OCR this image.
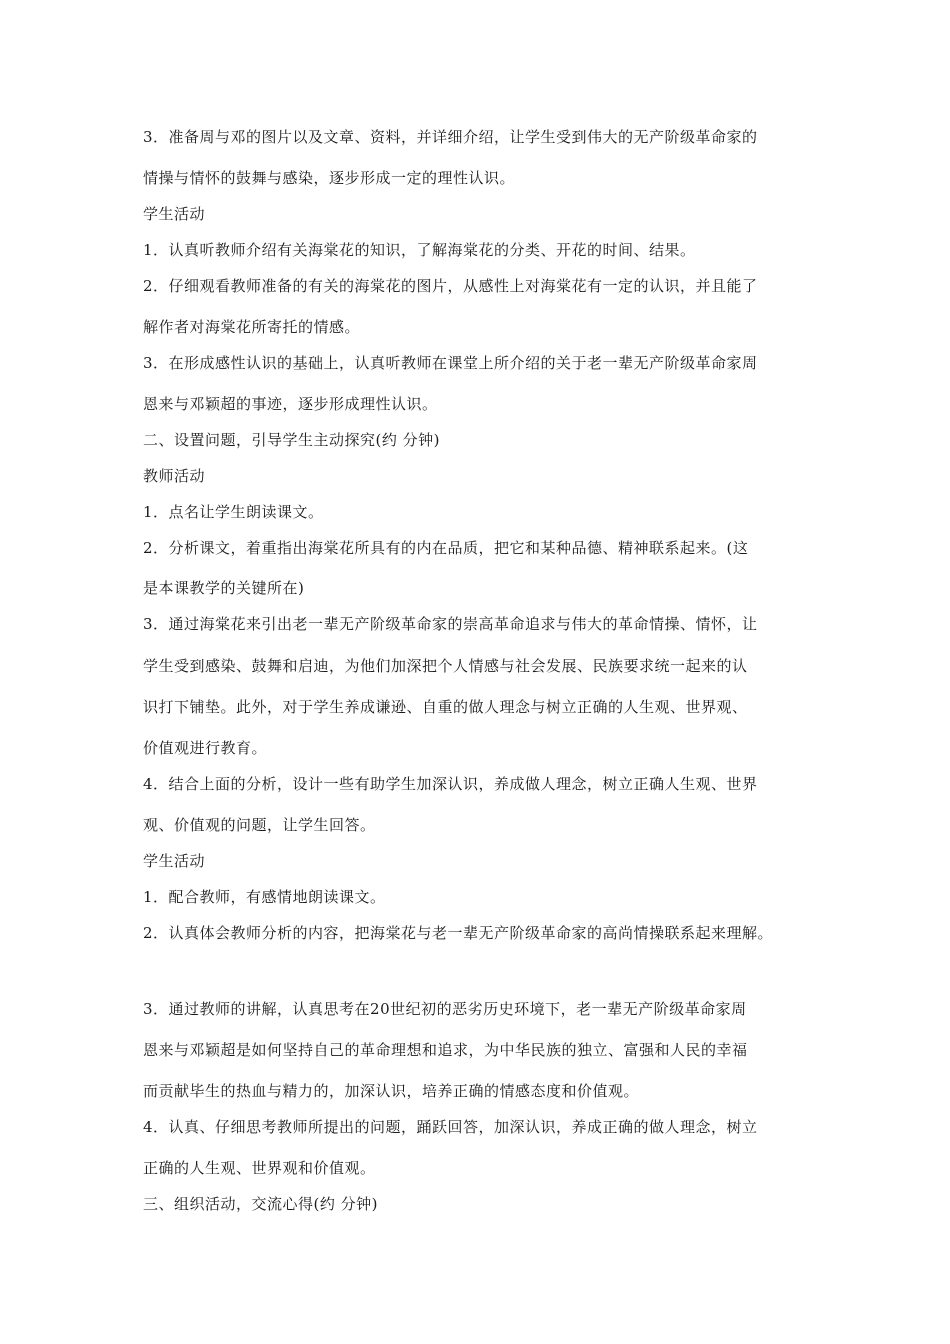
3．准备周与邓的图片以及文章、资料，并详细介绍，让学生受到伟大的无产阶级革命家的
情操与情怀的鼓舞与感染，逐步形成一定的理性认识。
学生活动
1．认真听教师介绍有关海棠花的知识，了解海棠花的分类、开花的时间、结果。
2．仔细观看教师准备的有关的海棠花的图片，从感性上对海棠花有一定的认识，并且能了
解作者对海棠花所寄托的情感。
3．在形成感性认识的基础上，认真听教师在课堂上所介绍的关于老一辈无产阶级革命家周
恩来与邓颖超的事迹，逐步形成理性认识。
二、设置问题，引导学生主动探究(约 分钟)
教师活动
1．点名让学生朗读课文。
2．分析课文，着重指出海棠花所具有的内在品质，把它和某种品德、精神联系起来。(这
是本课教学的关键所在)
3．通过海棠花来引出老一辈无产阶级革命家的崇高革命追求与伟大的革命情操、情怀，让
学生受到感染、鼓舞和启迪，为他们加深把个人情感与社会发展、民族要求统一起来的认
识打下铺垫。此外，对于学生养成谦逊、自重的做人理念与树立正确的人生观、世界观、
价值观进行教育。
4．结合上面的分析，设计一些有助学生加深认识，养成做人理念，树立正确人生观、世界
观、价值观的问题，让学生回答。
学生活动
1．配合教师，有感情地朗读课文。
2．认真体会教师分析的内容，把海棠花与老一辈无产阶级革命家的高尚情操联系起来理解。
3．通过教师的讲解，认真思考在20世纪初的恶劣历史环境下，老一辈无产阶级革命家周
恩来与邓颖超是如何坚持自己的革命理想和追求，为中华民族的独立、富强和人民的幸福
而贡献毕生的热血与精力的，加深认识，培养正确的情感态度和价值观。
4．认真、仔细思考教师所提出的问题，踊跃回答，加深认识，养成正确的做人理念，树立
正确的人生观、世界观和价值观。
三、组织活动，交流心得(约 分钟)
